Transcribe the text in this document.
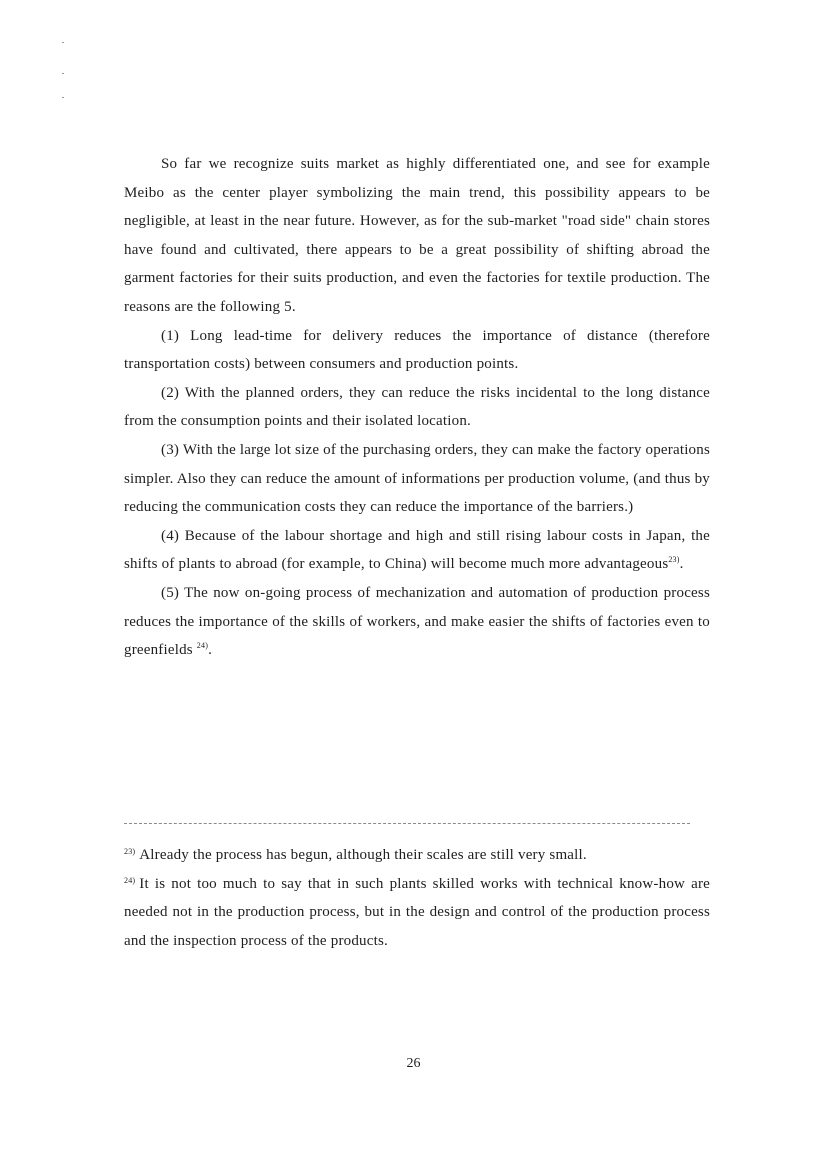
So far we recognize suits market as highly differentiated one, and see for example Meibo as the center player symbolizing the main trend, this possibility appears to be negligible, at least in the near future. However, as for the sub-market "road side" chain stores have found and cultivated, there appears to be a great possibility of shifting abroad the garment factories for their suits production, and even the factories for textile production. The reasons are the following 5.

(1) Long lead-time for delivery reduces the importance of distance (therefore transportation costs) between consumers and production points.

(2) With the planned orders, they can reduce the risks incidental to the long distance from the consumption points and their isolated location.

(3) With the large lot size of the purchasing orders, they can make the factory operations simpler. Also they can reduce the amount of informations per production volume, (and thus by reducing the communication costs they can reduce the importance of the barriers.)

(4) Because of the labour shortage and high and still rising labour costs in Japan, the shifts of plants to abroad (for example, to China) will become much more advantageous$^{23)}$.

(5) The now on-going process of mechanization and automation of production process reduces the importance of the skills of workers, and make easier the shifts of factories even to greenfields $^{24)}$.

$^{23)}$ Already the process has begun, although their scales are still very small.

$^{24)}$ It is not too much to say that in such plants skilled works with technical know-how are needed not in the production process, but in the design and control of the production process and the inspection process of the products.

26
